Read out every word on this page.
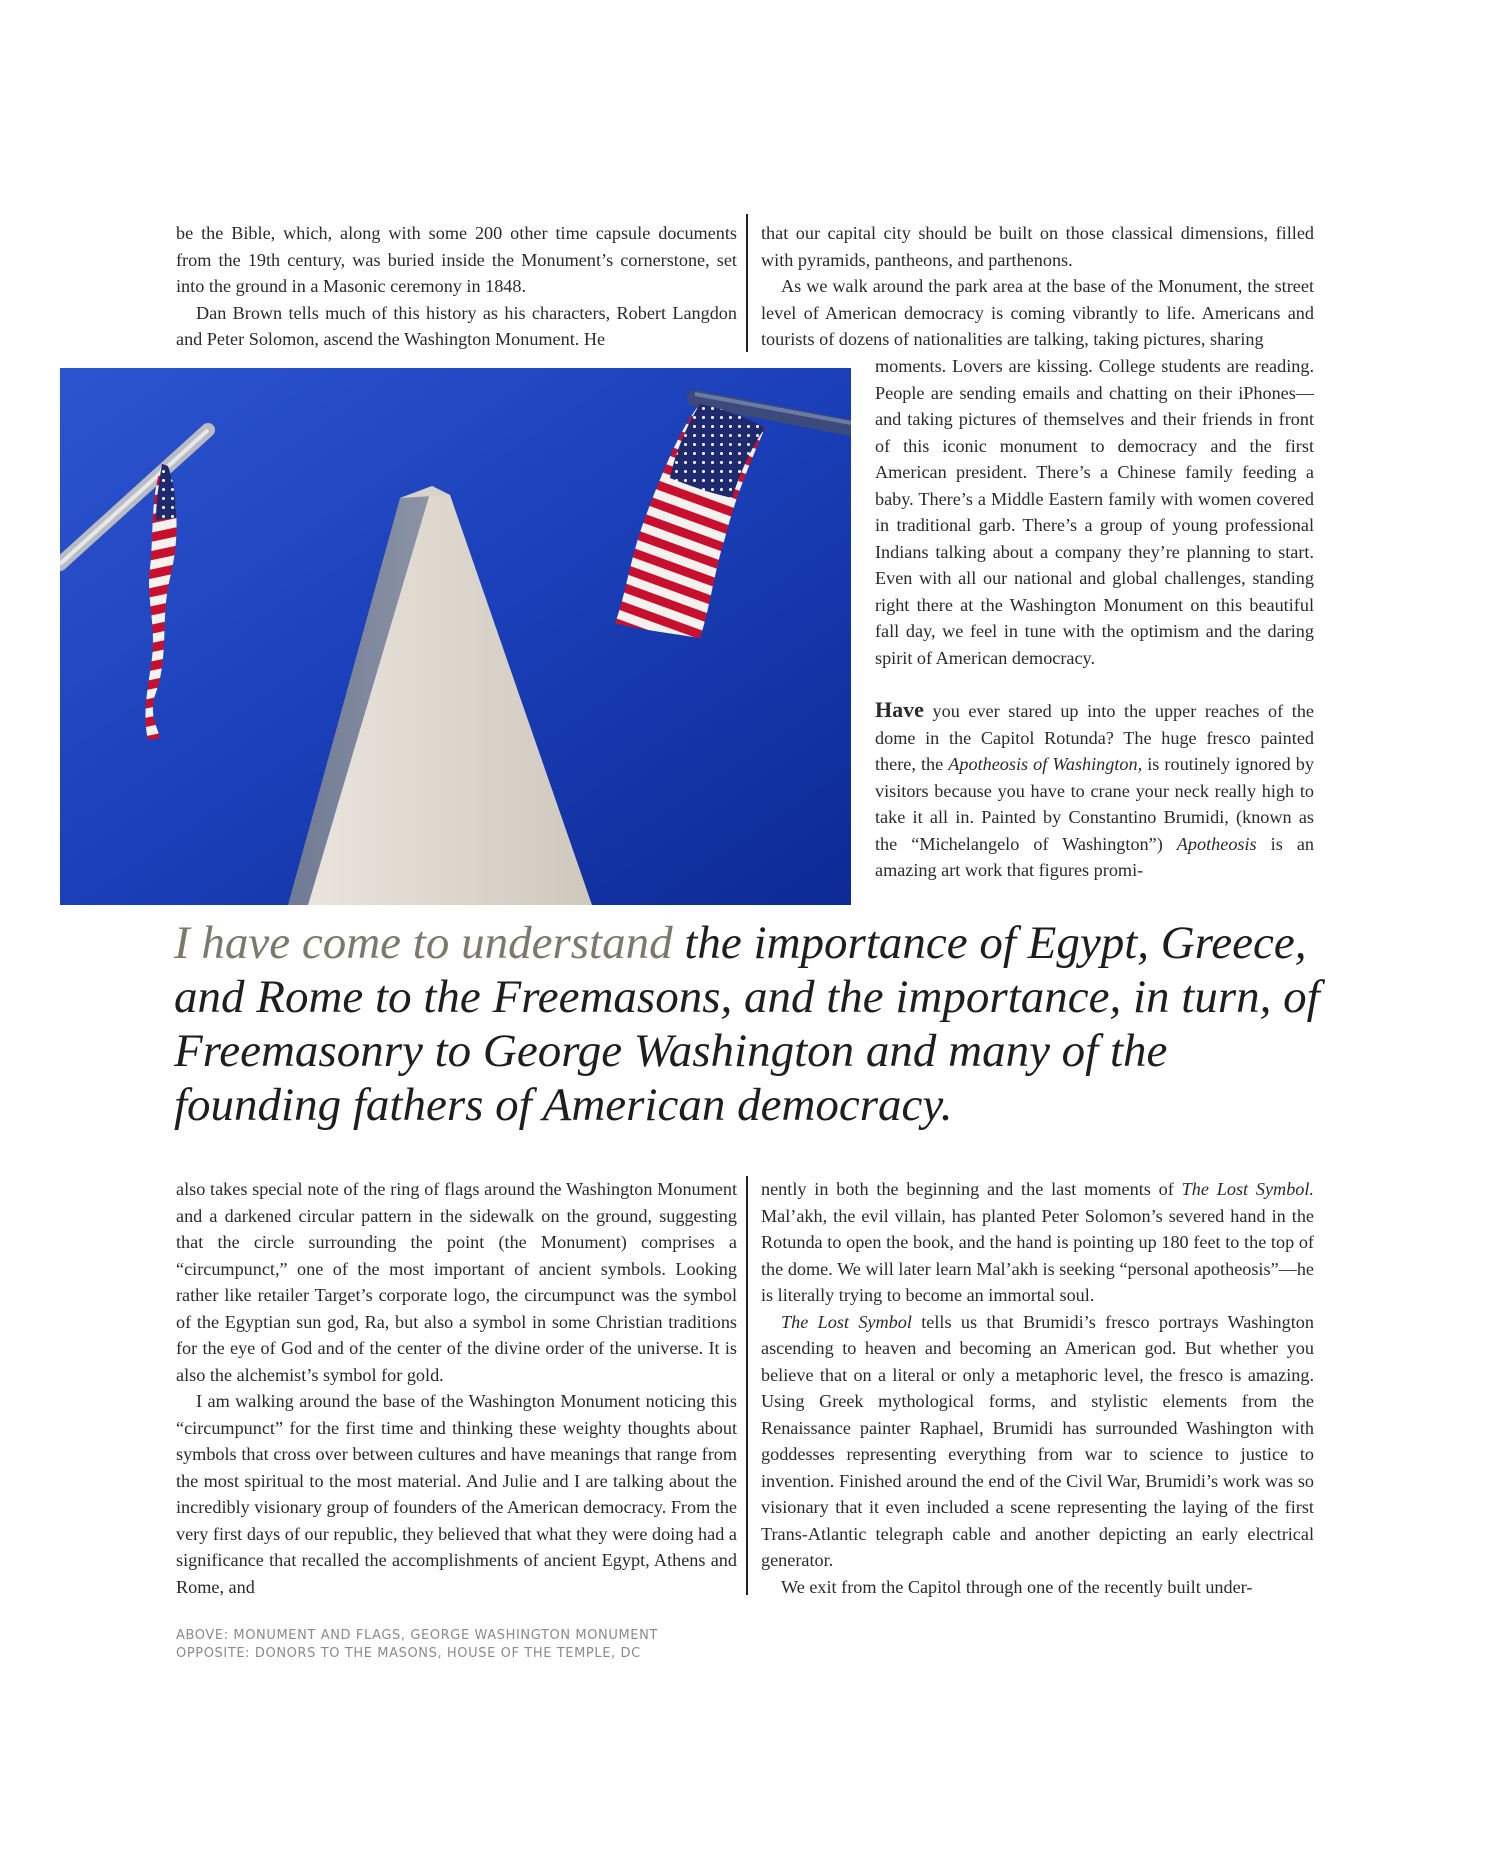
be the Bible, which, along with some 200 other time capsule documents from the 19th century, was buried inside the Monument’s cornerstone, set into the ground in a Masonic ceremony in 1848.

Dan Brown tells much of this history as his characters, Robert Langdon and Peter Solomon, ascend the Washington Monument. He

that our capital city should be built on those classical dimensions, filled with pyramids, pantheons, and parthenons.

As we walk around the park area at the base of the Monument, the street level of American democracy is coming vibrantly to life. Americans and tourists of dozens of nationalities are talking, taking pictures, sharing

moments. Lovers are kissing. College students are reading. People are sending emails and chatting on their iPhones—and taking pictures of themselves and their friends in front of this iconic monument to democracy and the first American president. There’s a Chinese family feeding a baby. There’s a Middle Eastern family with women covered in traditional garb. There’s a group of young professional Indians talking about a company they’re planning to start. Even with all our national and global challenges, standing right there at the Washington Monument on this beautiful fall day, we feel in tune with the optimism and the daring spirit of American democracy.

Have you ever stared up into the upper reaches of the dome in the Capitol Rotunda? The huge fresco painted there, the Apotheosis of Washington, is routinely ignored by visitors because you have to crane your neck really high to take it all in. Painted by Constantino Brumidi, (known as the “Michelangelo of Washington”) Apotheosis is an amazing art work that figures promi-

I have come to understand the importance of Egypt, Greece, and Rome to the Freemasons, and the importance, in turn, of Freemasonry to George Washington and many of the founding fathers of American democracy.

also takes special note of the ring of flags around the Washington Monument and a darkened circular pattern in the sidewalk on the ground, suggesting that the circle surrounding the point (the Monument) comprises a “circumpunct,” one of the most important of ancient symbols. Looking rather like retailer Target’s corporate logo, the circumpunct was the symbol of the Egyptian sun god, Ra, but also a symbol in some Christian traditions for the eye of God and of the center of the divine order of the universe. It is also the alchemist’s symbol for gold.

I am walking around the base of the Washington Monument noticing this “circumpunct” for the first time and thinking these weighty thoughts about symbols that cross over between cultures and have meanings that range from the most spiritual to the most material. And Julie and I are talking about the incredibly visionary group of founders of the American democracy. From the very first days of our republic, they believed that what they were doing had a significance that recalled the accomplishments of ancient Egypt, Athens and Rome, and

nently in both the beginning and the last moments of The Lost Symbol. Mal’akh, the evil villain, has planted Peter Solomon’s severed hand in the Rotunda to open the book, and the hand is pointing up 180 feet to the top of the dome. We will later learn Mal’akh is seeking “personal apotheosis”—he is literally trying to become an immortal soul.

The Lost Symbol tells us that Brumidi’s fresco portrays Washington ascending to heaven and becoming an American god. But whether you believe that on a literal or only a metaphoric level, the fresco is amazing. Using Greek mythological forms, and stylistic elements from the Renaissance painter Raphael, Brumidi has surrounded Washington with goddesses representing everything from war to science to justice to invention. Finished around the end of the Civil War, Brumidi’s work was so visionary that it even included a scene representing the laying of the first Trans-Atlantic telegraph cable and another depicting an early electrical generator.

We exit from the Capitol through one of the recently built under-

ABOVE: MONUMENT AND FLAGS, GEORGE WASHINGTON MONUMENT
OPPOSITE: DONORS TO THE MASONS, HOUSE OF THE TEMPLE, DC
